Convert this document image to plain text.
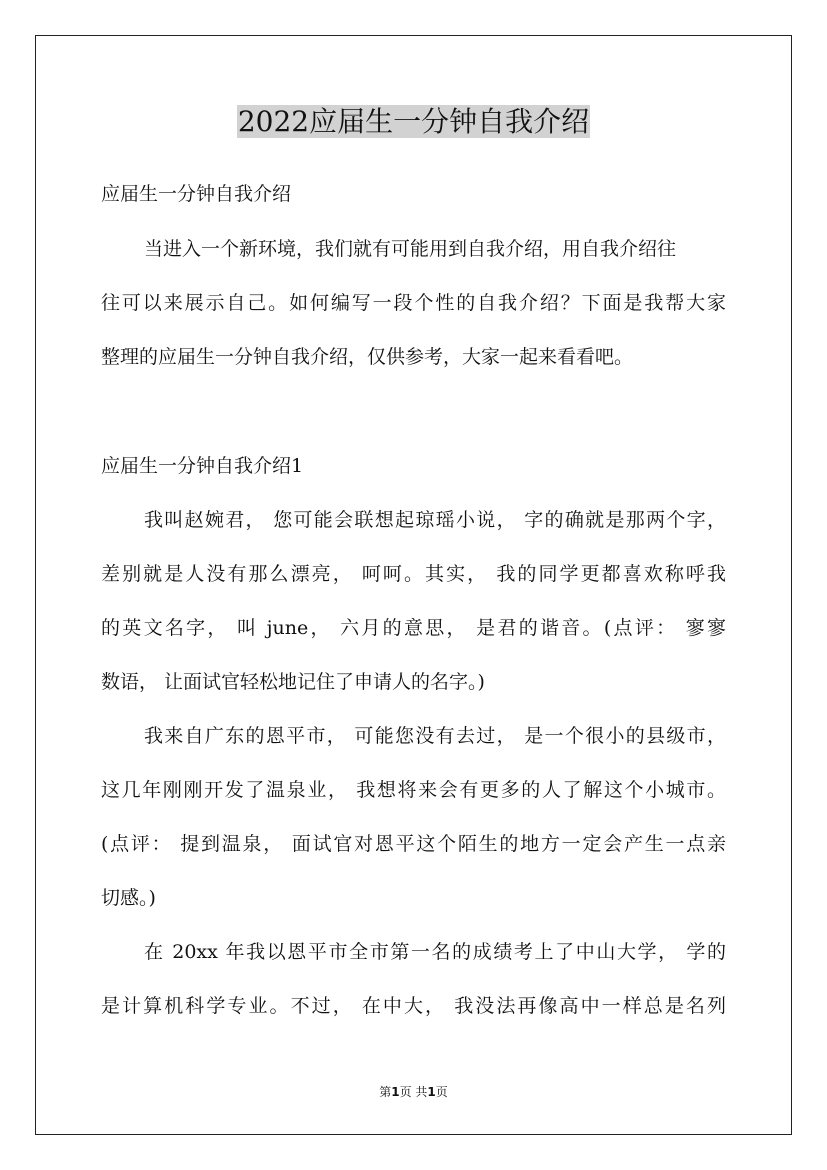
2022应届生一分钟自我介绍

应届生一分钟自我介绍

当进入一个新环境，我们就有可能用到自我介绍，用自我介绍往

往可以来展示自己。如何编写一段个性的自我介绍？下面是我帮大家

整理的应届生一分钟自我介绍，仅供参考，大家一起来看看吧。

应届生一分钟自我介绍1

我叫赵婉君， 您可能会联想起琼瑶小说， 字的确就是那两个字，

差别就是人没有那么漂亮， 呵呵。其实， 我的同学更都喜欢称呼我

的英文名字， 叫 june， 六月的意思， 是君的谐音。(点评： 寥寥

数语， 让面试官轻松地记住了申请人的名字。)

我来自广东的恩平市， 可能您没有去过， 是一个很小的县级市，

这几年刚刚开发了温泉业， 我想将来会有更多的人了解这个小城市。

(点评： 提到温泉， 面试官对恩平这个陌生的地方一定会产生一点亲

切感。)

在 20xx 年我以恩平市全市第一名的成绩考上了中山大学， 学的

是计算机科学专业。不过， 在中大， 我没法再像高中一样总是名列

第1页 共1页
